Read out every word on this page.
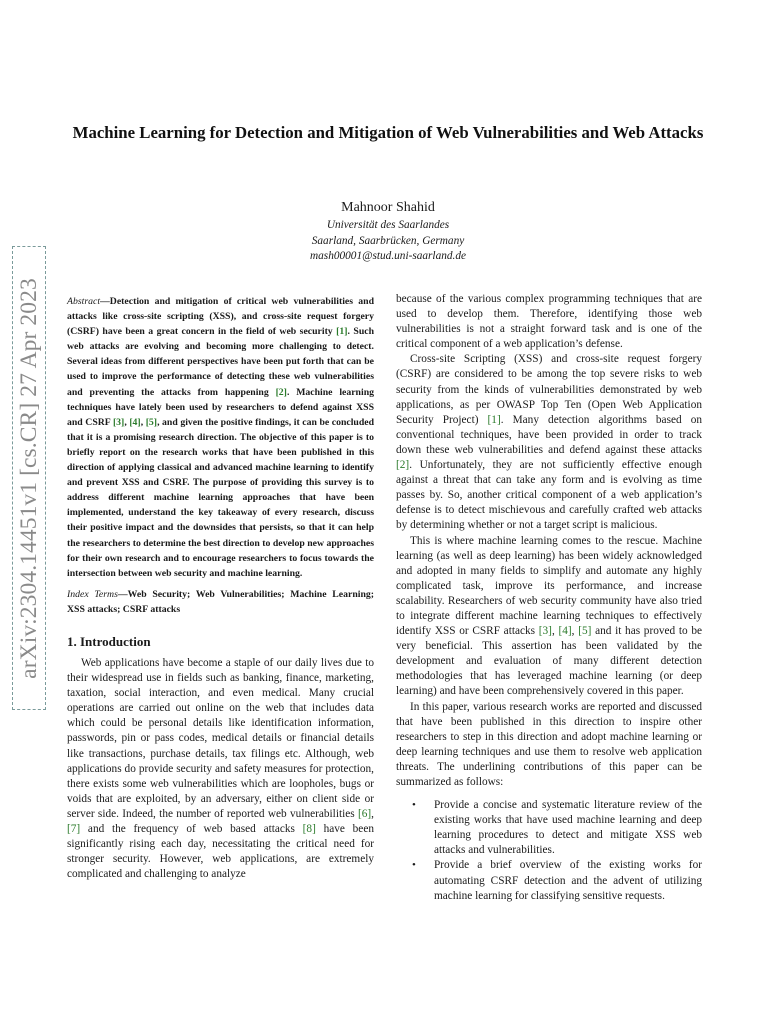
arXiv:2304.14451v1 [cs.CR] 27 Apr 2023
Machine Learning for Detection and Mitigation of Web Vulnerabilities and Web Attacks
Mahnoor Shahid
Universität des Saarlandes
Saarland, Saarbrücken, Germany
mash00001@stud.uni-saarland.de

Abstract—Detection and mitigation of critical web vulnerabilities and attacks like cross-site scripting (XSS), and cross-site request forgery (CSRF) have been a great concern in the field of web security [1]. Such web attacks are evolving and becoming more challenging to detect. Several ideas from different perspectives have been put forth that can be used to improve the performance of detecting these web vulnerabilities and preventing the attacks from happening [2]. Machine learning techniques have lately been used by researchers to defend against XSS and CSRF [3], [4], [5], and given the positive findings, it can be concluded that it is a promising research direction. The objective of this paper is to briefly report on the research works that have been published in this direction of applying classical and advanced machine learning to identify and prevent XSS and CSRF. The purpose of providing this survey is to address different machine learning approaches that have been implemented, understand the key takeaway of every research, discuss their positive impact and the downsides that persists, so that it can help the researchers to determine the best direction to develop new approaches for their own research and to encourage researchers to focus towards the intersection between web security and machine learning.

Index Terms—Web Security; Web Vulnerabilities; Machine Learning; XSS attacks; CSRF attacks

1. Introduction

Web applications have become a staple of our daily lives due to their widespread use in fields such as banking, finance, marketing, taxation, social interaction, and even medical. Many crucial operations are carried out online on the web that includes data which could be personal details like identification information, passwords, pin or pass codes, medical details or financial details like transactions, purchase details, tax filings etc. Although, web applications do provide security and safety measures for protection, there exists some web vulnerabilities which are loopholes, bugs or voids that are exploited, by an adversary, either on client side or server side. Indeed, the number of reported web vulnerabilities [6], [7] and the frequency of web based attacks [8] have been significantly rising each day, necessitating the critical need for stronger security. However, web applications, are extremely complicated and challenging to analyze

because of the various complex programming techniques that are used to develop them. Therefore, identifying those web vulnerabilities is not a straight forward task and is one of the critical component of a web application’s defense.

Cross-site Scripting (XSS) and cross-site request forgery (CSRF) are considered to be among the top severe risks to web security from the kinds of vulnerabilities demonstrated by web applications, as per OWASP Top Ten (Open Web Application Security Project) [1]. Many detection algorithms based on conventional techniques, have been provided in order to track down these web vulnerabilities and defend against these attacks [2]. Unfortunately, they are not sufficiently effective enough against a threat that can take any form and is evolving as time passes by. So, another critical component of a web application’s defense is to detect mischievous and carefully crafted web attacks by determining whether or not a target script is malicious.

This is where machine learning comes to the rescue. Machine learning (as well as deep learning) has been widely acknowledged and adopted in many fields to simplify and automate any highly complicated task, improve its performance, and increase scalability. Researchers of web security community have also tried to integrate different machine learning techniques to effectively identify XSS or CSRF attacks [3], [4], [5] and it has proved to be very beneficial. This assertion has been validated by the development and evaluation of many different detection methodologies that has leveraged machine learning (or deep learning) and have been comprehensively covered in this paper.

In this paper, various research works are reported and discussed that have been published in this direction to inspire other researchers to step in this direction and adopt machine learning or deep learning techniques and use them to resolve web application threats. The underlining contributions of this paper can be summarized as follows:

• Provide a concise and systematic literature review of the existing works that have used machine learning and deep learning procedures to detect and mitigate XSS web attacks and vulnerabilities.
• Provide a brief overview of the existing works for automating CSRF detection and the advent of utilizing machine learning for classifying sensitive requests.
